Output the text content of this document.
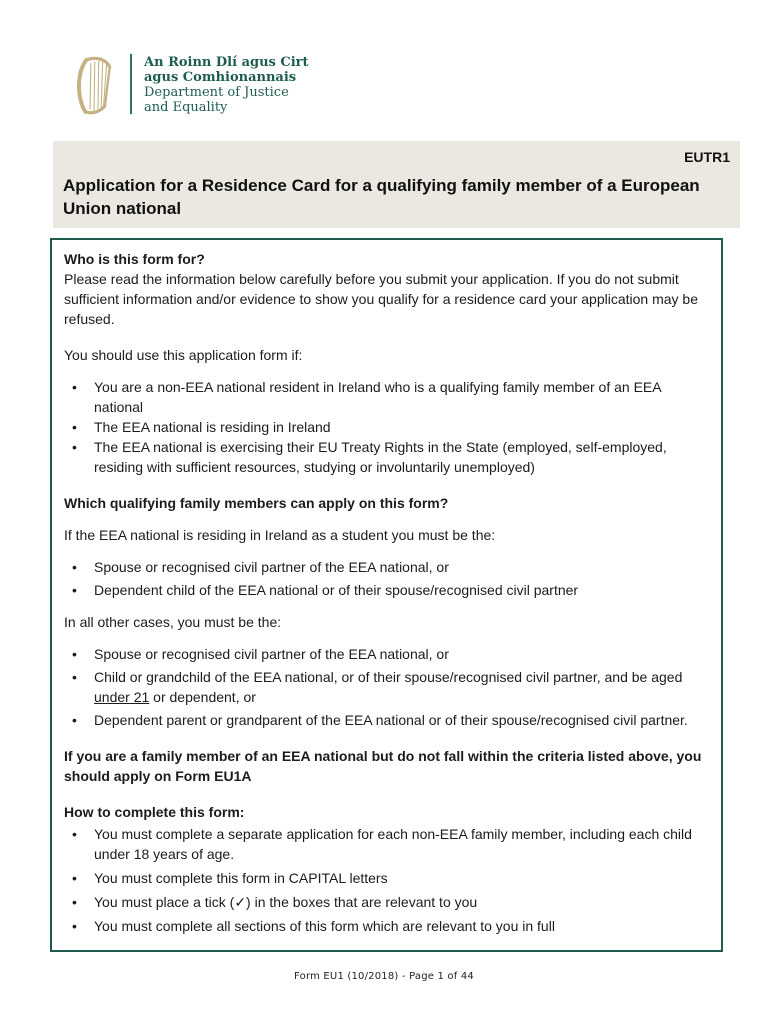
An Roinn Dlí agus Cirt
agus Comhionannais
Department of Justice
and Equality
EUTR1
Application for a Residence Card for a qualifying family member of a European Union national
Who is this form for?

Please read the information below carefully before you submit your application. If you do not submit sufficient information and/or evidence to show you qualify for a residence card your application may be refused.

You should use this application form if:

• You are a non-EEA national resident in Ireland who is a qualifying family member of an EEA national
• The EEA national is residing in Ireland
• The EEA national is exercising their EU Treaty Rights in the State (employed, self-employed, residing with sufficient resources, studying or involuntarily unemployed)
Which qualifying family members can apply on this form?

If the EEA national is residing in Ireland as a student you must be the:

• Spouse or recognised civil partner of the EEA national, or
• Dependent child of the EEA national or of their spouse/recognised civil partner

In all other cases, you must be the:

• Spouse or recognised civil partner of the EEA national, or
• Child or grandchild of the EEA national, or of their spouse/recognised civil partner, and be aged under 21 or dependent, or
• Dependent parent or grandparent of the EEA national or of their spouse/recognised civil partner.

If you are a family member of an EEA national but do not fall within the criteria listed above, you should apply on Form EU1A

How to complete this form:
• You must complete a separate application for each non-EEA family member, including each child under 18 years of age.
• You must complete this form in CAPITAL letters
• You must place a tick (✓) in the boxes that are relevant to you
• You must complete all sections of this form which are relevant to you in full
Form EU1 (10/2018) - Page 1 of 44
